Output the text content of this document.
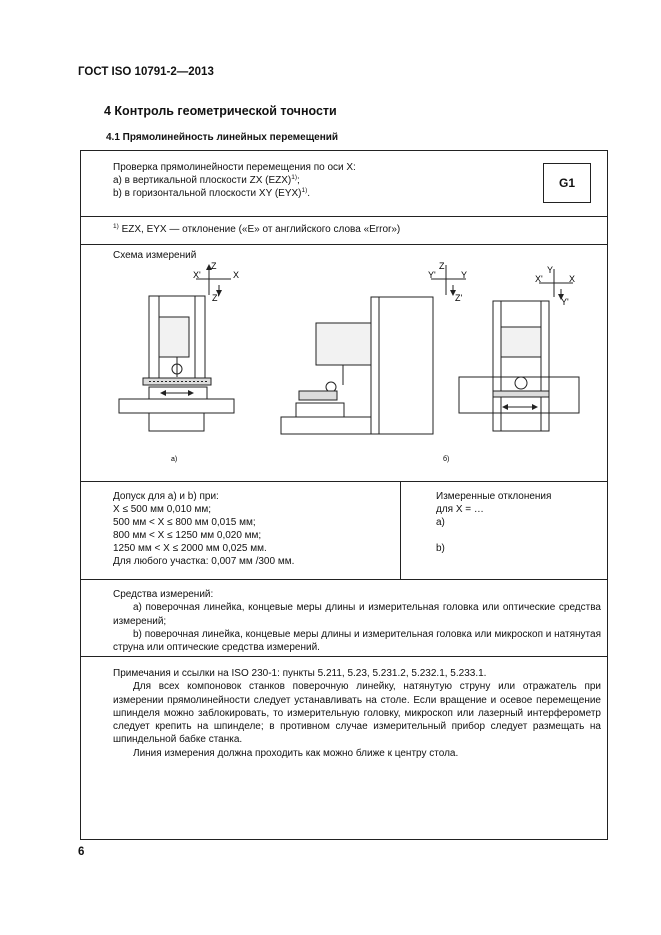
ГОСТ ISO 10791-2—2013
4 Контроль геометрической точности
4.1 Прямолинейность линейных перемещений
Проверка прямолинейности перемещения по оси X:
а) в вертикальной плоскости ZX (EZX)$^{1)}$;
b) в горизонтальной плоскости XY (EYX)$^{1)}$.
G1
$^{1)}$ EZX, EYX — отклонение («E» от английского слова «Error»)
Схема измерений
Z
X
X'
Z'
Z
Y
Y'
Z'
Y
X
X'
Y'
а)	б)
Допуск для а) и b) при:
X ≤ 500 мм 0,010 мм;
500 мм < X ≤ 800 мм 0,015 мм;
800 мм < X ≤ 1250 мм 0,020 мм;
1250 мм < X ≤ 2000 мм 0,025 мм.
Для любого участка: 0,007 мм /300 мм.
Измеренные отклонения
для X = …
а)
b)

Средства измерений:

а) поверочная линейка, концевые меры длины и измерительная головка или оптические средства измерений;

b) поверочная линейка, концевые меры длины и измерительная головка или микроскоп и натянутая струна или оптические средства измерений.

Примечания и ссылки на ISO 230-1: пункты 5.211, 5.23, 5.231.2, 5.232.1, 5.233.1.

Для всех компоновок станков поверочную линейку, натянутую струну или отражатель при измерении прямолинейности следует устанавливать на столе. Если вращение и осевое перемещение шпинделя можно заблокировать, то измерительную головку, микроскоп или лазерный интерферометр следует крепить на шпинделе; в противном случае измерительный прибор следует размещать на шпиндельной бабке станка.

Линия измерения должна проходить как можно ближе к центру стола.

6
